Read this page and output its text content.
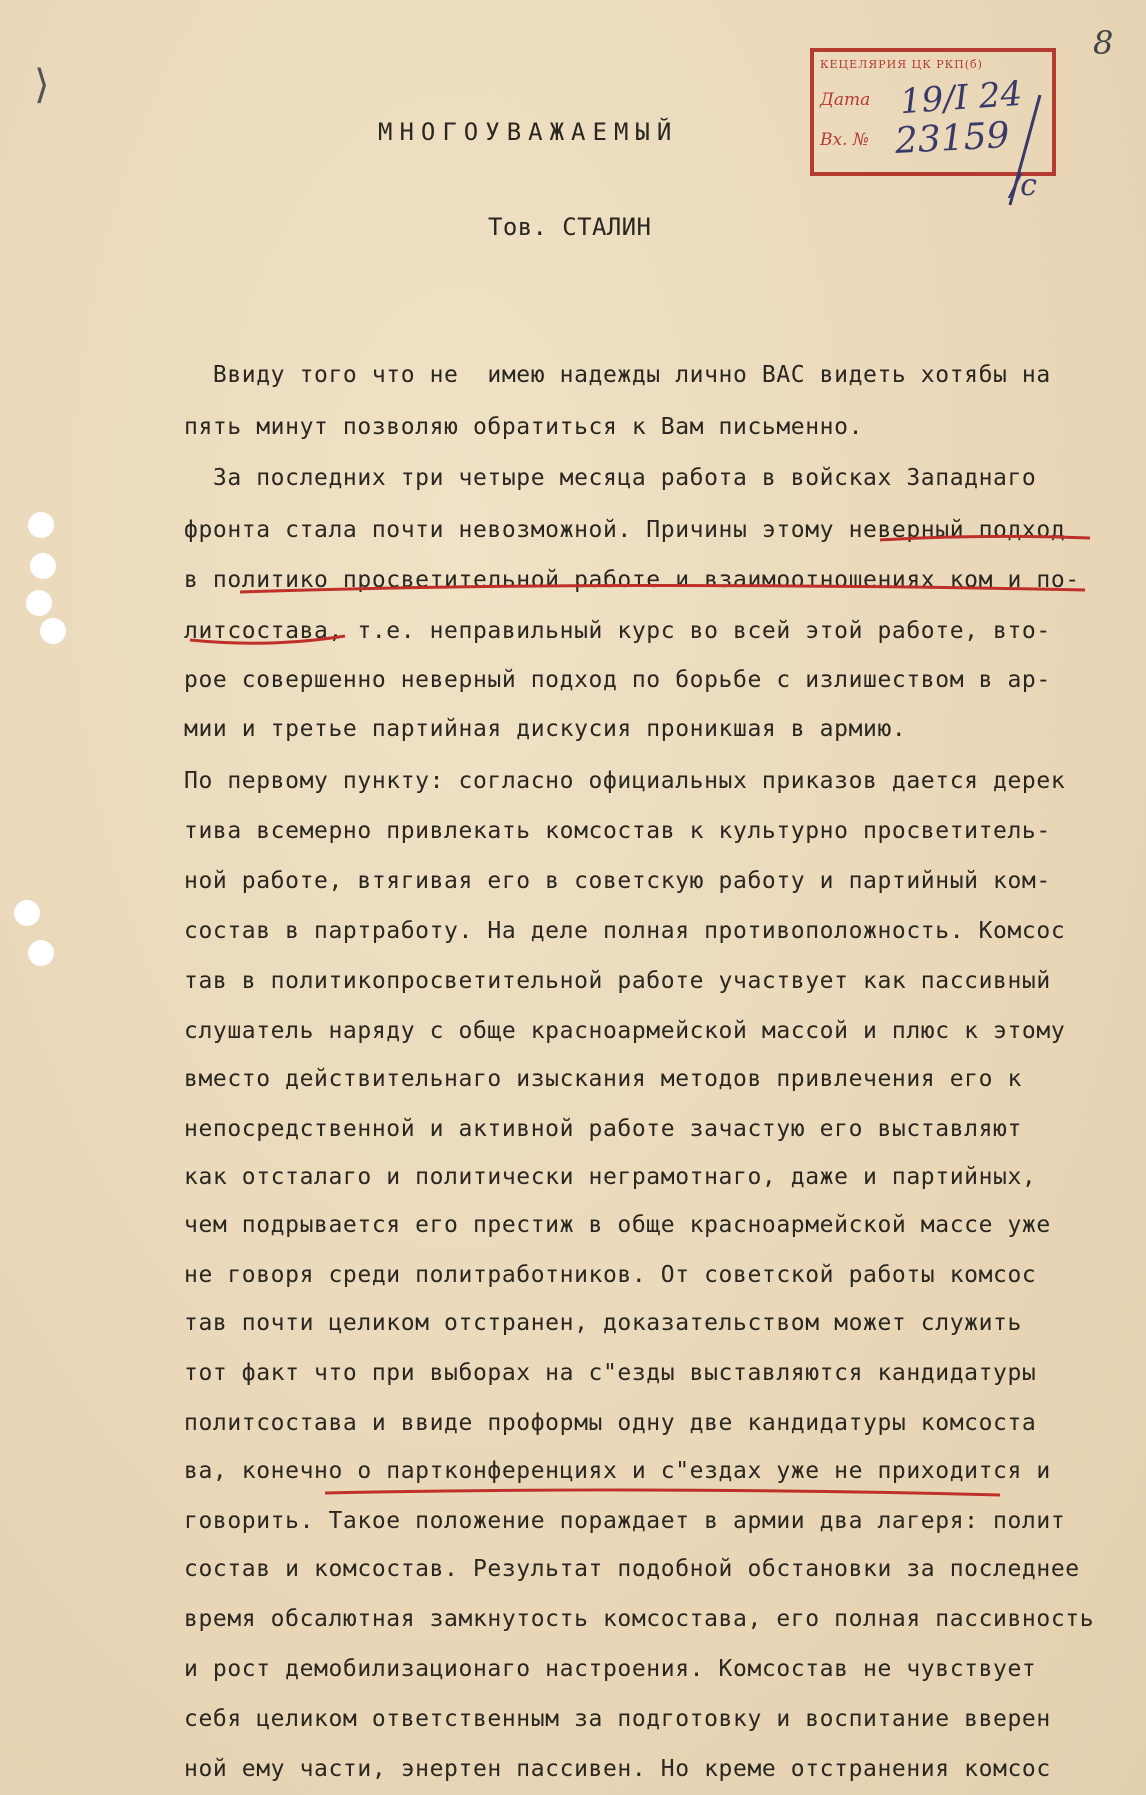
⟩
8
КЕЦЕЛЯРИЯ ЦК РКП(б)
Дата
Вх. №
19/I 24
23159
/с
МНОГОУВАЖАЕМЫЙ
Тов. СТАЛИН
Ввиду того что не  имею надежды лично ВАС видеть хотябы на
пять минут позволяю обратиться к Вам письменно.
За последних три четыре месяца работа в войсках Западнаго
фронта стала почти невозможной. Причины этому неверный подход
в политико просветительной работе и взаимоотношениях ком и по-
литсостава, т.е. неправильный курс во всей этой работе, вто-
рое совершенно неверный подход по борьбе с излишеством в ар-
мии и третье партийная дискусия проникшая в армию.
По первому пункту: согласно официальных приказов дается дерек
тива всемерно привлекать комсостав к культурно просветитель-
ной работе, втягивая его в советскую работу и партийный ком-
состав в партработу. На деле полная противоположность. Комсос
тав в политикопросветительной работе участвует как пассивный
слушатель наряду с обще красноармейской массой и плюс к этому
вместо действительнаго изыскания методов привлечения его к
непосредственной и активной работе зачастую его выставляют
как отсталаго и политически неграмотнаго, даже и партийных,
чем подрывается его престиж в обще красноармейской массе уже
не говоря среди политработников. От советской работы комсос
тав почти целиком отстранен, доказательством может служить
тот факт что при выборах на с"езды выставляются кандидатуры
политсостава и ввиде проформы одну две кандидатуры комсоста
ва, конечно о партконференциях и с"ездах уже не приходится и
говорить. Такое положение пораждает в армии два лагеря: полит
состав и комсостав. Результат подобной обстановки за последнее
время обсалютная замкнутость комсостава, его полная пассивность
и рост демобилизационаго настроения. Комсостав не чувствует
себя целиком ответственным за подготовку и воспитание вверен
ной ему части, энертен пассивен. Но креме отстранения комсос
